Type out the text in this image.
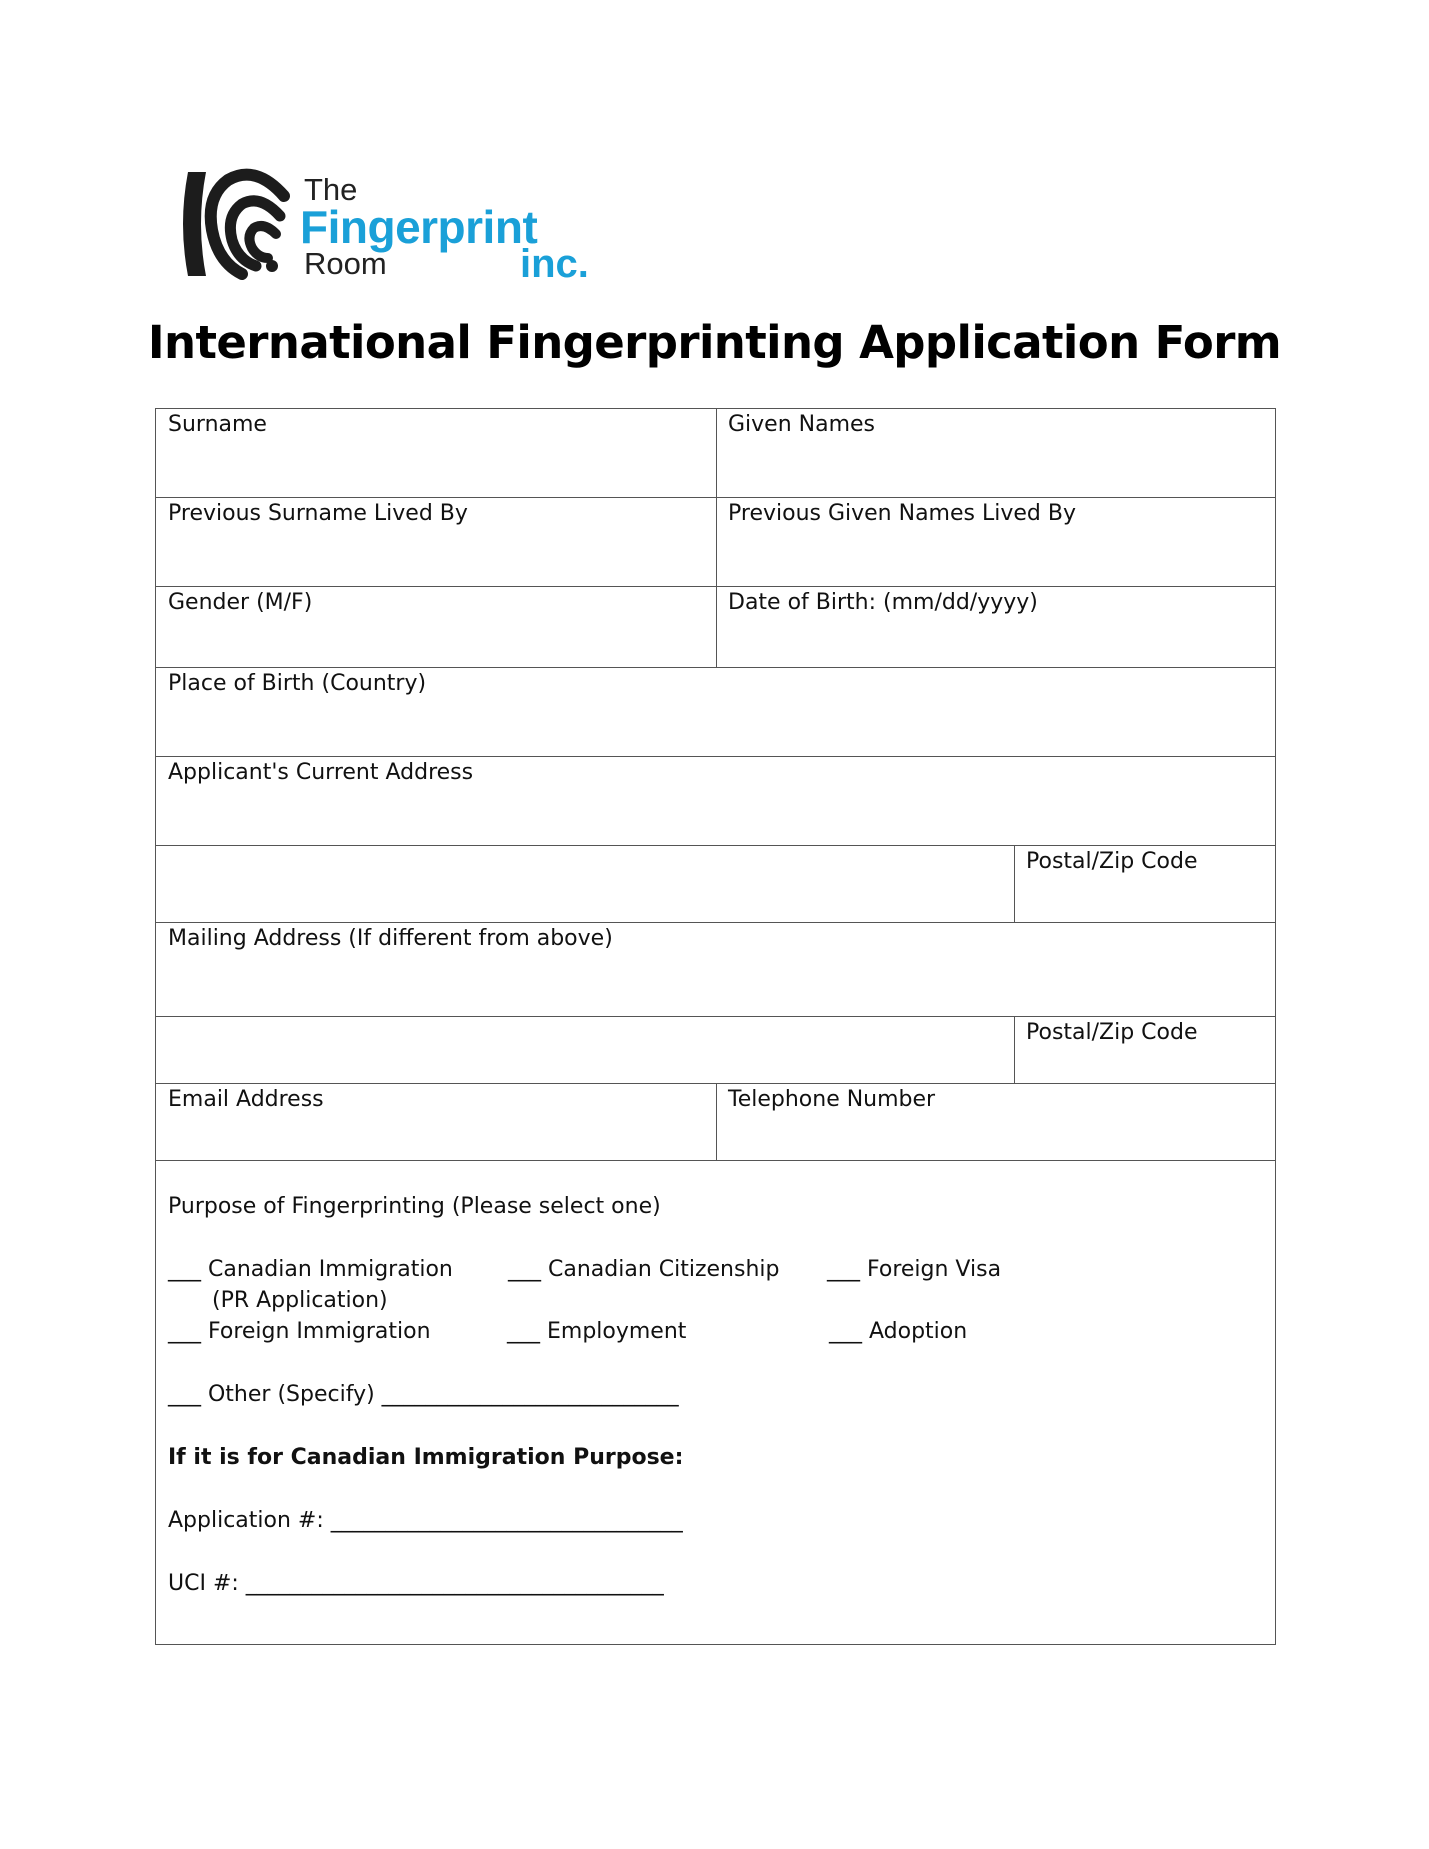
The
Fingerprint
Room	inc.
International Fingerprinting Application Form
Surname	Given Names
Previous Surname Lived By	Previous Given Names Lived By
Gender (M/F)	Date of Birth: (mm/dd/yyyy)
Place of Birth (Country)
Applicant's Current Address
Postal/Zip Code
Mailing Address (If different from above)
Postal/Zip Code
Email Address	Telephone Number
Purpose of Fingerprinting (Please select one)
___ Canadian Immigration
(PR Application)
___ Canadian Citizenship ___ Foreign Visa
___ Foreign Immigration	___ Employment	___ Adoption
___ Other (Specify) ___________________________
If it is for Canadian Immigration Purpose:
Application #: ________________________________
UCI #: ______________________________________
